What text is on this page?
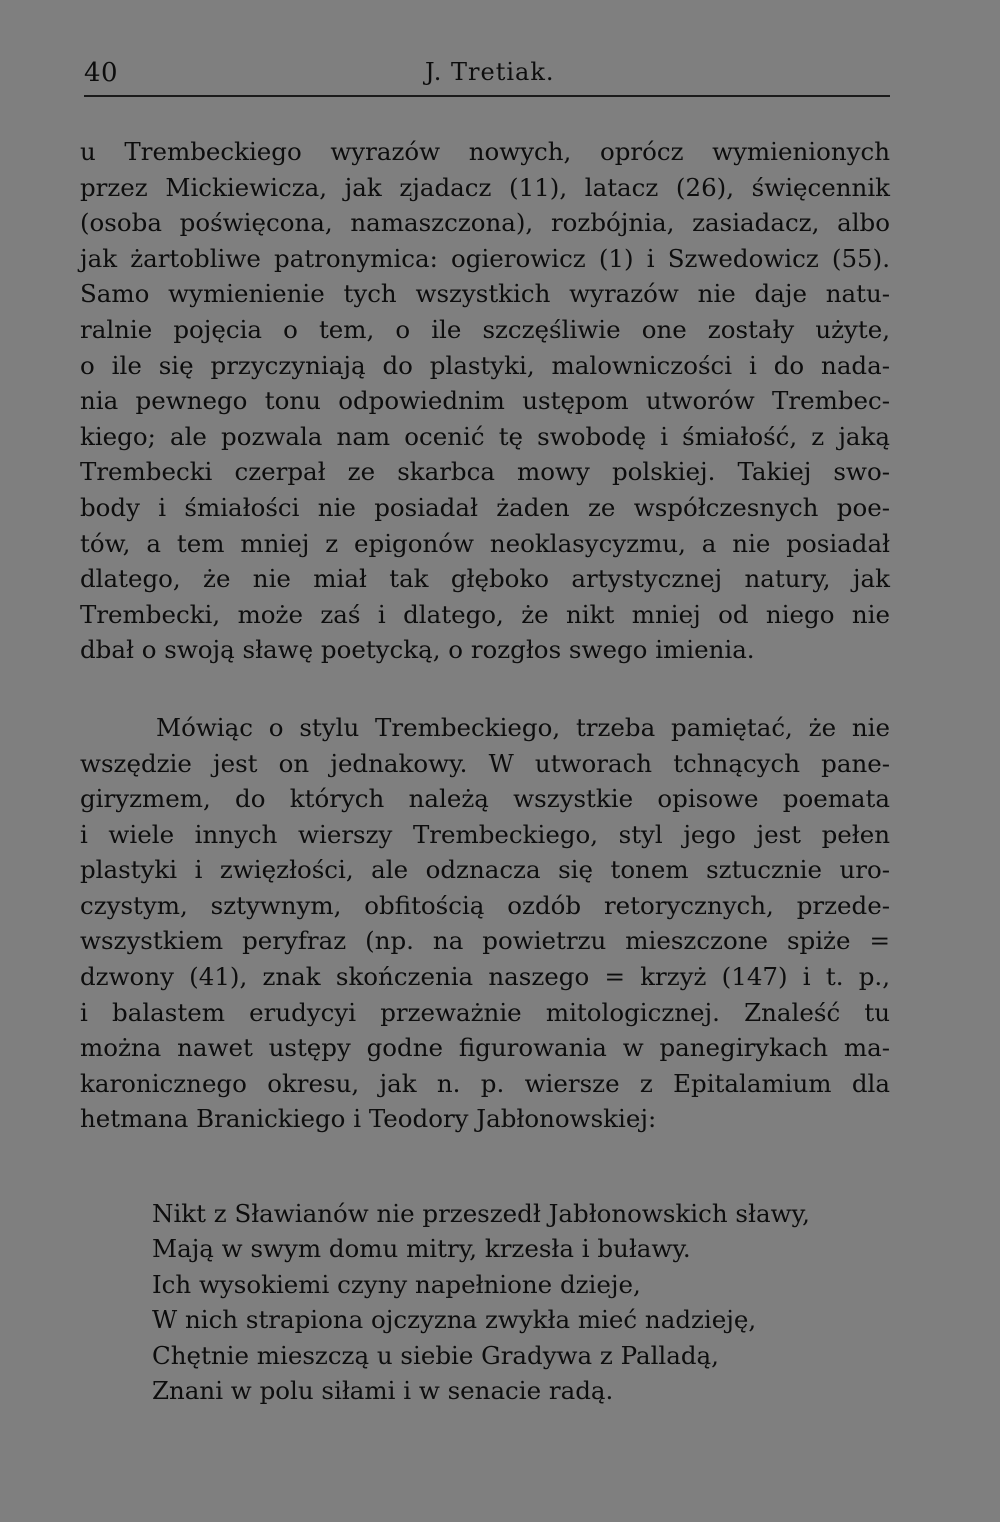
40	J. Tretiak.
u Trembeckiego wyrazów nowych, oprócz wymienionych
przez Mickiewicza, jak zjadacz (11), latacz (26), święcennik
(osoba poświęcona, namaszczona), rozbójnia, zasiadacz, albo
jak żartobliwe patronymica: ogierowicz (1) i Szwedowicz (55).
Samo wymienienie tych wszystkich wyrazów nie daje natu-
ralnie pojęcia o tem, o ile szczęśliwie one zostały użyte,
o ile się przyczyniają do plastyki, malowniczości i do nada-
nia pewnego tonu odpowiednim ustępom utworów Trembec-
kiego; ale pozwala nam ocenić tę swobodę i śmiałość, z jaką
Trembecki czerpał ze skarbca mowy polskiej. Takiej swo-
body i śmiałości nie posiadał żaden ze współczesnych poe-
tów, a tem mniej z epigonów neoklasycyzmu, a nie posiadał
dlatego, że nie miał tak głęboko artystycznej natury, jak
Trembecki, może zaś i dlatego, że nikt mniej od niego nie
dbał o swoją sławę poetycką, o rozgłos swego imienia.
Mówiąc o stylu Trembeckiego, trzeba pamiętać, że nie
wszędzie jest on jednakowy. W utworach tchnących pane-
giryzmem, do których należą wszystkie opisowe poemata
i wiele innych wierszy Trembeckiego, styl jego jest pełen
plastyki i zwięzłości, ale odznacza się tonem sztucznie uro-
czystym, sztywnym, obfitością ozdób retorycznych, przede-
wszystkiem peryfraz (np. na powietrzu mieszczone spiże =
dzwony (41), znak skończenia naszego = krzyż (147) i t. p.,
i balastem erudycyi przeważnie mitologicznej. Znaleść tu
można nawet ustępy godne figurowania w panegirykach ma-
karonicznego okresu, jak n. p. wiersze z Epitalamium dla
hetmana Branickiego i Teodory Jabłonowskiej:
Nikt z Sławianów nie przeszedł Jabłonowskich sławy,
Mają w swym domu mitry, krzesła i buławy.
Ich wysokiemi czyny napełnione dzieje,
W nich strapiona ojczyzna zwykła mieć nadzieję,
Chętnie mieszczą u siebie Gradywa z Palladą,
Znani w polu siłami i w senacie radą.
